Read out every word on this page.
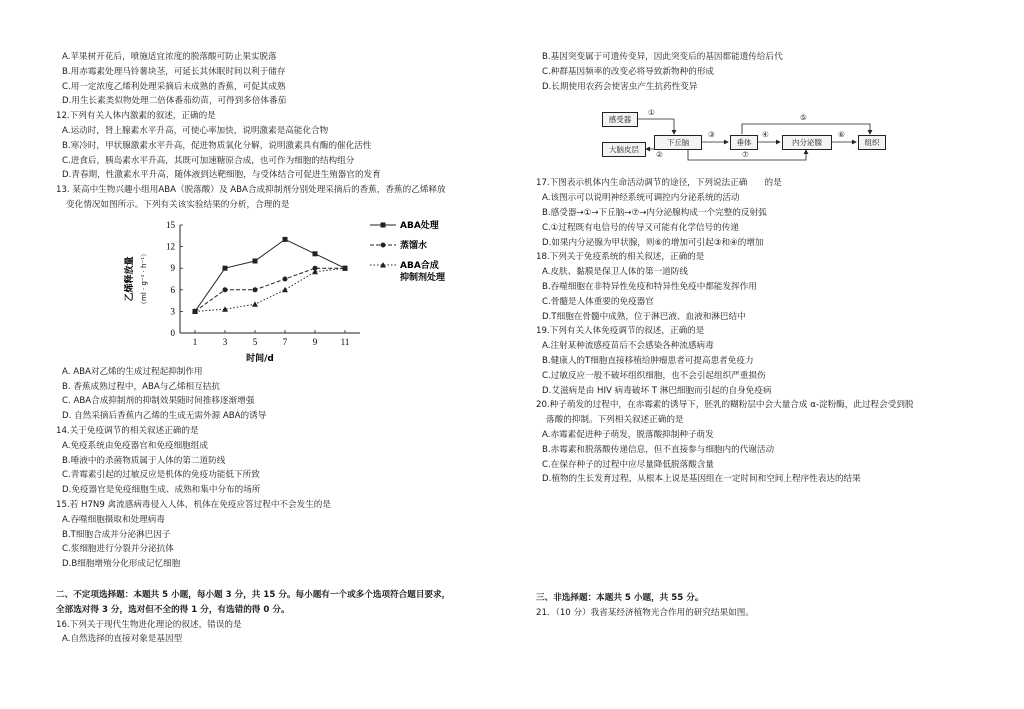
A.苹果树开花后，喷施适宜浓度的脱落酸可防止果实脱落
B.用赤霉素处理马铃薯块茎，可延长其休眠时间以利于储存
C.用一定浓度乙烯利处理采摘后未成熟的香蕉，可促其成熟
D.用生长素类似物处理二倍体番茄幼苗，可得到多倍体番茄
12.下列有关人体内激素的叙述，正确的是
A.运动时，肾上腺素水平升高，可使心率加快，说明激素是高能化合物
B.寒冷时，甲状腺激素水平升高，促进物质氧化分解，说明激素具有酶的催化活性
C.进食后，胰岛素水平升高，其既可加速糖原合成，也可作为细胞的结构组分
D.青春期，性激素水平升高，随体液到达靶细胞，与受体结合可促进生殖器官的发育
13. 某高中生物兴趣小组用ABA（脱落酸）及 ABA合成抑制剂分别处理采摘后的香蕉，香蕉的乙烯释放
变化情况如图所示。下列有关该实验结果的分析，合理的是
0
3
6
9
12
15
1	3	5	7	9	11
时间/d
乙烯释放量 （ml · g⁻¹ · h⁻¹）
ABA处理
蒸馏水
ABA合成
抑制剂处理
A. ABA对乙烯的生成过程起抑制作用
B. 香蕉成熟过程中，ABA与乙烯相互拮抗
C. ABA合成抑制剂的抑制效果随时间推移逐渐增强
D. 自然采摘后香蕉内乙烯的生成无需外源 ABA的诱导
14.关于免疫调节的相关叙述正确的是
A.免疫系统由免疫器官和免疫细胞组成
B.唾液中的杀菌物质属于人体的第二道防线
C.青霉素引起的过敏反应是机体的免疫功能低下所致
D.免疫器官是免疫细胞生成、成熟和集中分布的场所
15.若 H7N9 禽流感病毒侵入人体，机体在免疫应答过程中不会发生的是
A.吞噬细胞摄取和处理病毒
B.T细胞合成并分泌淋巴因子
C.浆细胞进行分裂并分泌抗体
D.B细胞增殖分化形成记忆细胞
二、不定项选择题：本题共 5 小题，每小题 3 分，共 15 分。每小题有一个或多个选项符合题目要求，
全部选对得 3 分，选对但不全的得 1 分，有选错的得 0 分。
16.下列关于现代生物进化理论的叙述，错误的是
A.自然选择的直接对象是基因型
B.基因突变属于可遗传变异，因此突变后的基因都能遗传给后代
C.种群基因频率的改变必将导致新物种的形成
D.长期使用农药会使害虫产生抗药性变异
感受器
大脑皮层
下丘脑	垂体	内分泌腺	组织
①
②
③	④
⑤
⑥
⑦
17.下图表示机体内生命活动调节的途径，下列说法正确　　的是
A.该图示可以说明神经系统可调控内分泌系统的活动
B.感受器→①→下丘脑→⑦→内分泌腺构成一个完整的反射弧
C.①过程既有电信号的传导又可能有化学信号的传递
D.如果内分泌腺为甲状腺，则⑥的增加可引起③和④的增加
18.下列关于免疫系统的相关叙述，正确的是
A.皮肤、黏膜是保卫人体的第一道防线
B.吞噬细胞在非特异性免疫和特异性免疫中都能发挥作用
C.骨髓是人体重要的免疫器官
D.T细胞在骨髓中成熟，位于淋巴液、血液和淋巴结中
19.下列有关人体免疫调节的叙述，正确的是
A.注射某种流感疫苗后不会感染各种流感病毒
B.健康人的T细胞直接移植给肿瘤患者可提高患者免疫力
C.过敏反应一般不破坏组织细胞，也不会引起组织严重损伤
D.艾滋病是由 HIV 病毒破坏 T 淋巴细胞而引起的自身免疫病
20.种子萌发的过程中，在赤霉素的诱导下，胚乳的糊粉层中会大量合成 α-淀粉酶，此过程会受到脱
落酸的抑制。下列相关叙述正确的是
A.赤霉素促进种子萌发，脱落酸抑制种子萌发
B.赤霉素和脱落酸传递信息，但不直接参与细胞内的代谢活动
C.在保存种子的过程中应尽量降低脱落酸含量
D.植物的生长发育过程，从根本上说是基因组在一定时间和空间上程序性表达的结果
三、非选择题：本题共 5 小题，共 55 分。
21．（10 分）我省某经济植物光合作用的研究结果如图。
